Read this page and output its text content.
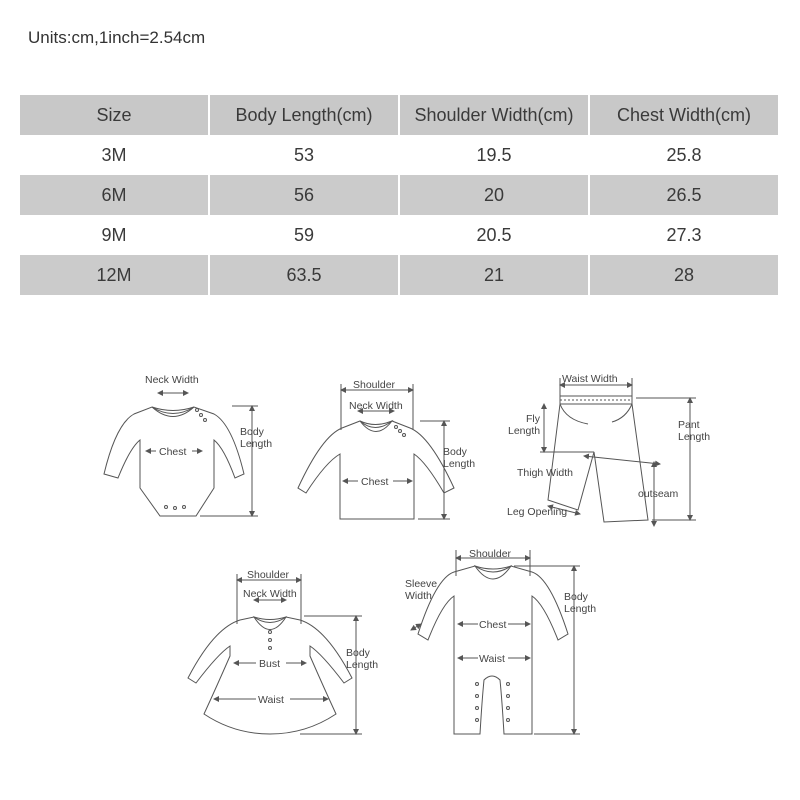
Units:cm,1inch=2.54cm
Size	Body Length(cm)	Shoulder Width(cm)	Chest Width(cm)
3M	53	19.5	25.8
6M	56	20	26.5
9M	59	20.5	27.3
12M	63.5	21	28
Neck Width
Chest
Body
Length
Shoulder
Neck Width
Chest
Body
Length
Waist Width
Fly
Length	Pant
Length
Thigh Width
outseam
Leg Opening
Shoulder
Neck Width
Bust
Waist
Body
Length
Shoulder
Sleeve
Width
Chest
Waist
Body
Length
